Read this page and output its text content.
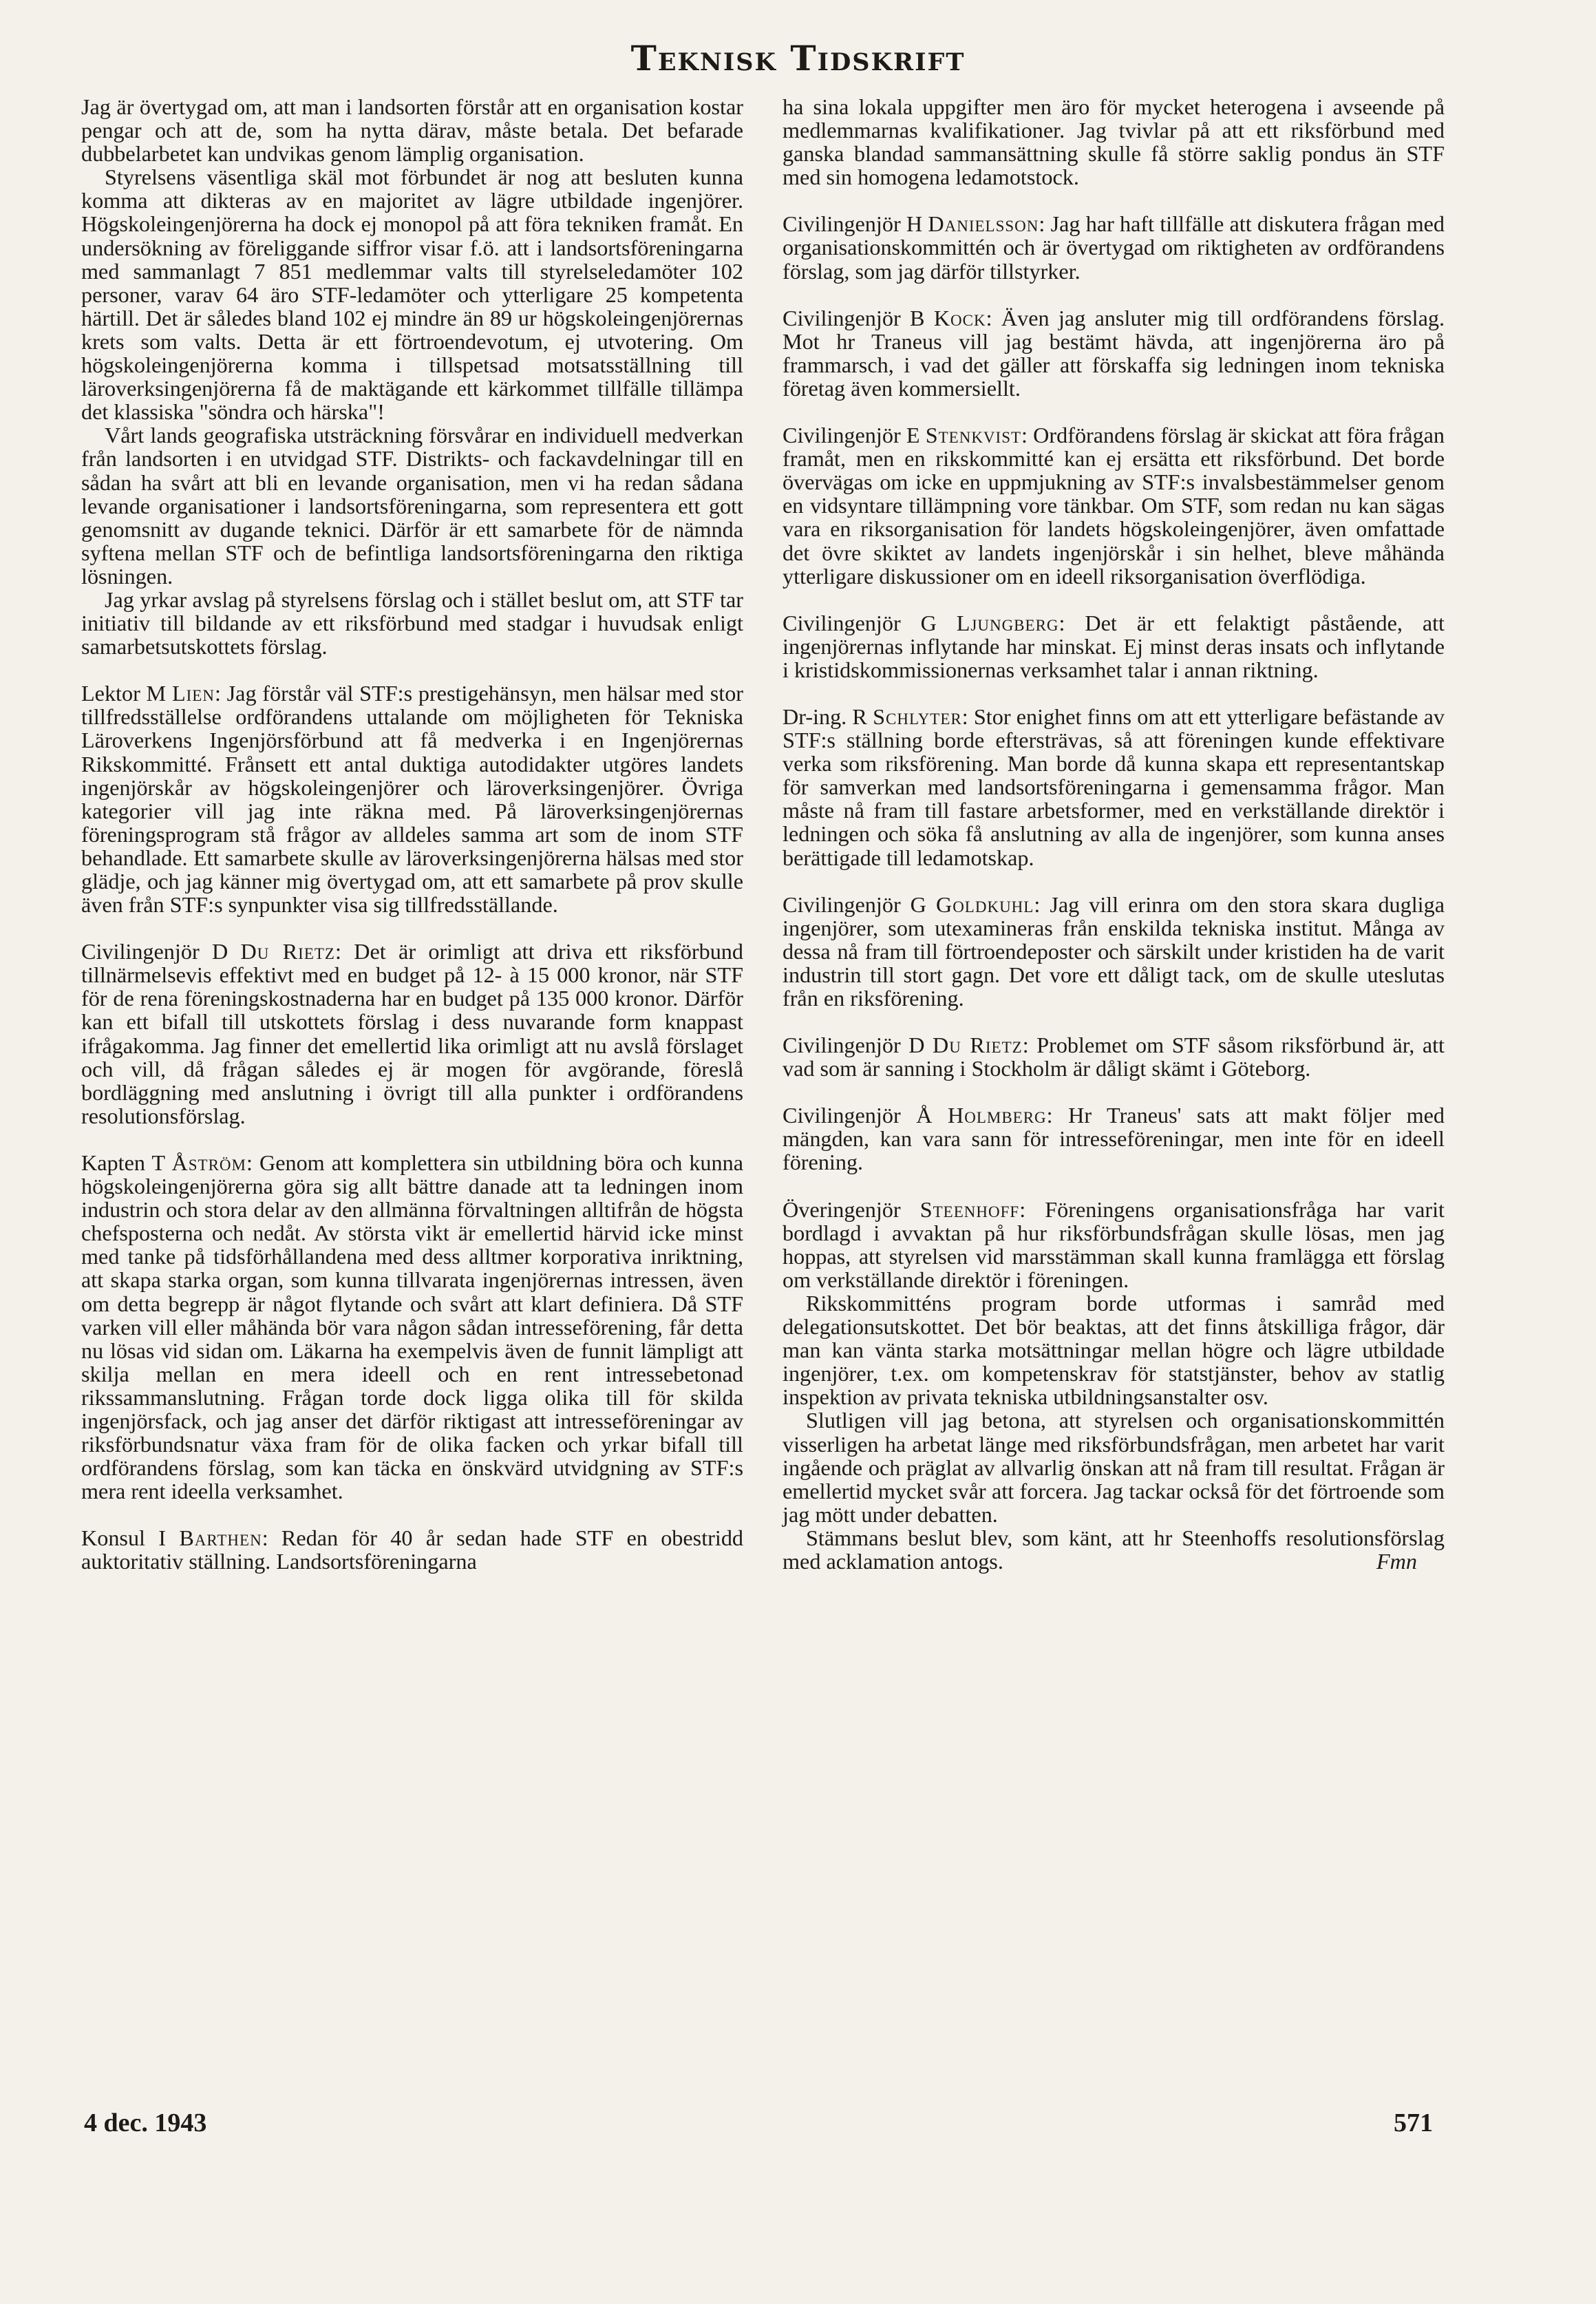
Teknisk Tidskrift

Jag är övertygad om, att man i landsorten förstår att en organisation kostar pengar och att de, som ha nytta därav, måste betala. Det befarade dubbelarbetet kan undvikas genom lämplig organisation.

Styrelsens väsentliga skäl mot förbundet är nog att besluten kunna komma att dikteras av en majoritet av lägre utbildade ingenjörer. Högskoleingenjörerna ha dock ej monopol på att föra tekniken framåt. En undersökning av föreliggande siffror visar f.ö. att i landsortsföreningarna med sammanlagt 7 851 medlemmar valts till styrelseledamöter 102 personer, varav 64 äro STF-ledamöter och ytterligare 25 kompetenta härtill. Det är således bland 102 ej mindre än 89 ur högskoleingenjörernas krets som valts. Detta är ett förtroendevotum, ej utvotering. Om högskoleingenjörerna komma i tillspetsad motsatsställning till läroverksingenjörerna få de maktägande ett kärkommet tillfälle tillämpa det klassiska "söndra och härska"!

Vårt lands geografiska utsträckning försvårar en individuell medverkan från landsorten i en utvidgad STF. Distrikts- och fackavdelningar till en sådan ha svårt att bli en levande organisation, men vi ha redan sådana levande organisationer i landsortsföreningarna, som representera ett gott genomsnitt av dugande teknici. Därför är ett samarbete för de nämnda syftena mellan STF och de befintliga landsortsföreningarna den riktiga lösningen.

Jag yrkar avslag på styrelsens förslag och i stället beslut om, att STF tar initiativ till bildande av ett riksförbund med stadgar i huvudsak enligt samarbetsutskottets förslag.

Lektor M Lien: Jag förstår väl STF:s prestigehänsyn, men hälsar med stor tillfredsställelse ordförandens uttalande om möjligheten för Tekniska Läroverkens Ingenjörsförbund att få medverka i en Ingenjörernas Rikskommitté. Frånsett ett antal duktiga autodidakter utgöres landets ingenjörskår av högskoleingenjörer och läroverksingenjörer. Övriga kategorier vill jag inte räkna med. På läroverksingenjörernas föreningsprogram stå frågor av alldeles samma art som de inom STF behandlade. Ett samarbete skulle av läroverksingenjörerna hälsas med stor glädje, och jag känner mig övertygad om, att ett samarbete på prov skulle även från STF:s synpunkter visa sig tillfredsställande.

Civilingenjör D Du Rietz: Det är orimligt att driva ett riksförbund tillnärmelsevis effektivt med en budget på 12- à 15 000 kronor, när STF för de rena föreningskostnaderna har en budget på 135 000 kronor. Därför kan ett bifall till utskottets förslag i dess nuvarande form knappast ifrågakomma. Jag finner det emellertid lika orimligt att nu avslå förslaget och vill, då frågan således ej är mogen för avgörande, föreslå bordläggning med anslutning i övrigt till alla punkter i ordförandens resolutionsförslag.

Kapten T Åström: Genom att komplettera sin utbildning böra och kunna högskoleingenjörerna göra sig allt bättre danade att ta ledningen inom industrin och stora delar av den allmänna förvaltningen alltifrån de högsta chefsposterna och nedåt. Av största vikt är emellertid härvid icke minst med tanke på tidsförhållandena med dess alltmer korporativa inriktning, att skapa starka organ, som kunna tillvarata ingenjörernas intressen, även om detta begrepp är något flytande och svårt att klart definiera. Då STF varken vill eller måhända bör vara någon sådan intresseförening, får detta nu lösas vid sidan om. Läkarna ha exempelvis även de funnit lämpligt att skilja mellan en mera ideell och en rent intressebetonad rikssammanslutning. Frågan torde dock ligga olika till för skilda ingenjörsfack, och jag anser det därför riktigast att intresseföreningar av riksförbundsnatur växa fram för de olika facken och yrkar bifall till ordförandens förslag, som kan täcka en önskvärd utvidgning av STF:s mera rent ideella verksamhet.

Konsul I Barthen: Redan för 40 år sedan hade STF en obestridd auktoritativ ställning. Landsortsföreningarna

ha sina lokala uppgifter men äro för mycket heterogena i avseende på medlemmarnas kvalifikationer. Jag tvivlar på att ett riksförbund med ganska blandad sammansättning skulle få större saklig pondus än STF med sin homogena ledamotstock.

Civilingenjör H Danielsson: Jag har haft tillfälle att diskutera frågan med organisationskommittén och är övertygad om riktigheten av ordförandens förslag, som jag därför tillstyrker.

Civilingenjör B Kock: Även jag ansluter mig till ordförandens förslag. Mot hr Traneus vill jag bestämt hävda, att ingenjörerna äro på frammarsch, i vad det gäller att förskaffa sig ledningen inom tekniska företag även kommersiellt.

Civilingenjör E Stenkvist: Ordförandens förslag är skickat att föra frågan framåt, men en rikskommitté kan ej ersätta ett riksförbund. Det borde övervägas om icke en uppmjukning av STF:s invalsbestämmelser genom en vidsyntare tillämpning vore tänkbar. Om STF, som redan nu kan sägas vara en riksorganisation för landets högskoleingenjörer, även omfattade det övre skiktet av landets ingenjörskår i sin helhet, bleve måhända ytterligare diskussioner om en ideell riksorganisation överflödiga.

Civilingenjör G Ljungberg: Det är ett felaktigt påstående, att ingenjörernas inflytande har minskat. Ej minst deras insats och inflytande i kristidskommissionernas verksamhet talar i annan riktning.

Dr-ing. R Schlyter: Stor enighet finns om att ett ytterligare befästande av STF:s ställning borde eftersträvas, så att föreningen kunde effektivare verka som riksförening. Man borde då kunna skapa ett representantskap för samverkan med landsortsföreningarna i gemensamma frågor. Man måste nå fram till fastare arbetsformer, med en verkställande direktör i ledningen och söka få anslutning av alla de ingenjörer, som kunna anses berättigade till ledamotskap.

Civilingenjör G Goldkuhl: Jag vill erinra om den stora skara dugliga ingenjörer, som utexamineras från enskilda tekniska institut. Många av dessa nå fram till förtroendeposter och särskilt under kristiden ha de varit industrin till stort gagn. Det vore ett dåligt tack, om de skulle uteslutas från en riksförening.

Civilingenjör D Du Rietz: Problemet om STF såsom riksförbund är, att vad som är sanning i Stockholm är dåligt skämt i Göteborg.

Civilingenjör Å Holmberg: Hr Traneus' sats att makt följer med mängden, kan vara sann för intresseföreningar, men inte för en ideell förening.

Överingenjör Steenhoff: Föreningens organisationsfråga har varit bordlagd i avvaktan på hur riksförbundsfrågan skulle lösas, men jag hoppas, att styrelsen vid marsstämman skall kunna framlägga ett förslag om verkställande direktör i föreningen.

Rikskommitténs program borde utformas i samråd med delegationsutskottet. Det bör beaktas, att det finns åtskilliga frågor, där man kan vänta starka motsättningar mellan högre och lägre utbildade ingenjörer, t.ex. om kompetenskrav för statstjänster, behov av statlig inspektion av privata tekniska utbildningsanstalter osv.

Slutligen vill jag betona, att styrelsen och organisationskommittén visserligen ha arbetat länge med riksförbundsfrågan, men arbetet har varit ingående och präglat av allvarlig önskan att nå fram till resultat. Frågan är emellertid mycket svår att forcera. Jag tackar också för det förtroende som jag mött under debatten.

Stämmans beslut blev, som känt, att hr Steenhoffs resolutionsförslag med acklamation antogs.	Fmn

4 dec. 1943	571
